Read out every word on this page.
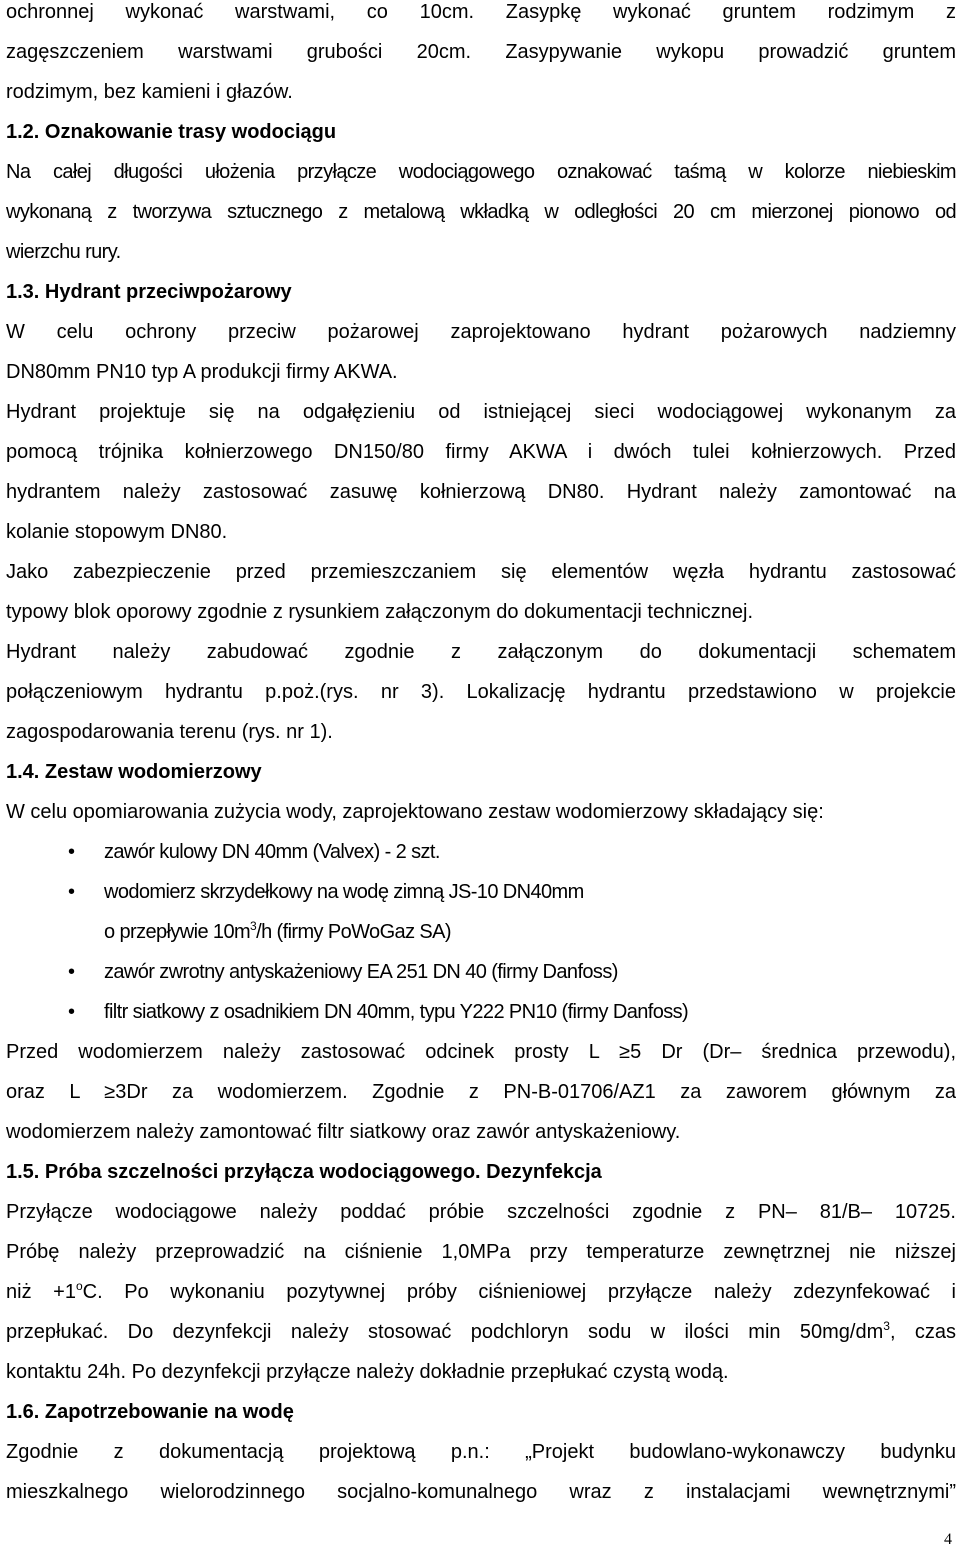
ochronnej wykonać warstwami, co 10cm. Zasypkę wykonać gruntem rodzimym z
zagęszczeniem warstwami grubości 20cm. Zasypywanie wykopu prowadzić gruntem
rodzimym, bez kamieni i głazów.
1.2. Oznakowanie trasy wodociągu
Na całej długości ułożenia przyłącze wodociągowego oznakować taśmą w kolorze niebieskim
wykonaną z tworzywa sztucznego z metalową wkładką w odległości 20 cm mierzonej pionowo od
wierzchu rury.
1.3. Hydrant przeciwpożarowy
W celu ochrony przeciw pożarowej zaprojektowano hydrant pożarowych nadziemny
DN80mm PN10 typ A produkcji firmy AKWA.
Hydrant projektuje się na odgałęzieniu od istniejącej sieci wodociągowej wykonanym za
pomocą trójnika kołnierzowego DN150/80 firmy AKWA i dwóch tulei kołnierzowych. Przed
hydrantem należy zastosować zasuwę kołnierzową DN80. Hydrant należy zamontować na
kolanie stopowym DN80.
Jako zabezpieczenie przed przemieszczaniem się elementów węzła hydrantu zastosować
typowy blok oporowy zgodnie z rysunkiem załączonym do dokumentacji technicznej.
Hydrant należy zabudować zgodnie z załączonym do dokumentacji schematem
połączeniowym hydrantu p.poż.(rys. nr 3). Lokalizację hydrantu przedstawiono w projekcie
zagospodarowania terenu (rys. nr 1).
1.4. Zestaw wodomierzowy
W celu opomiarowania zużycia wody, zaprojektowano zestaw wodomierzowy składający się:
• zawór kulowy DN 40mm (Valvex) - 2 szt.
• wodomierz skrzydełkowy na wodę zimną JS-10 DN40mm
o przepływie $10m^3/h$ (firmy PoWoGaz SA)
• zawór zwrotny antyskażeniowy EA 251 DN 40 (firmy Danfoss)
• filtr siatkowy z osadnikiem DN 40mm, typu Y222 PN10 (firmy Danfoss)
Przed wodomierzem należy zastosować odcinek prosty L ≥5 Dr (Dr– średnica przewodu),
oraz L ≥3Dr za wodomierzem. Zgodnie z PN-B-01706/AZ1 za zaworem głównym za
wodomierzem należy zamontować filtr siatkowy oraz zawór antyskażeniowy.
1.5. Próba szczelności przyłącza wodociągowego. Dezynfekcja
Przyłącze wodociągowe należy poddać próbie szczelności zgodnie z PN– 81/B– 10725.
Próbę należy przeprowadzić na ciśnienie 1,0MPa przy temperaturze zewnętrznej nie niższej
niż $+1^oC$. Po wykonaniu pozytywnej próby ciśnieniowej przyłącze należy zdezynfekować i
przepłukać. Do dezynfekcji należy stosować podchloryn sodu w ilości $\min 50mg/dm^3$, czas
kontaktu 24h. Po dezynfekcji przyłącze należy dokładnie przepłukać czystą wodą.
1.6. Zapotrzebowanie na wodę
Zgodnie z dokumentacją projektową p.n.: „Projekt budowlano-wykonawczy budynku
mieszkalnego wielorodzinnego socjalno-komunalnego wraz z instalacjami wewnętrznymi”
4
